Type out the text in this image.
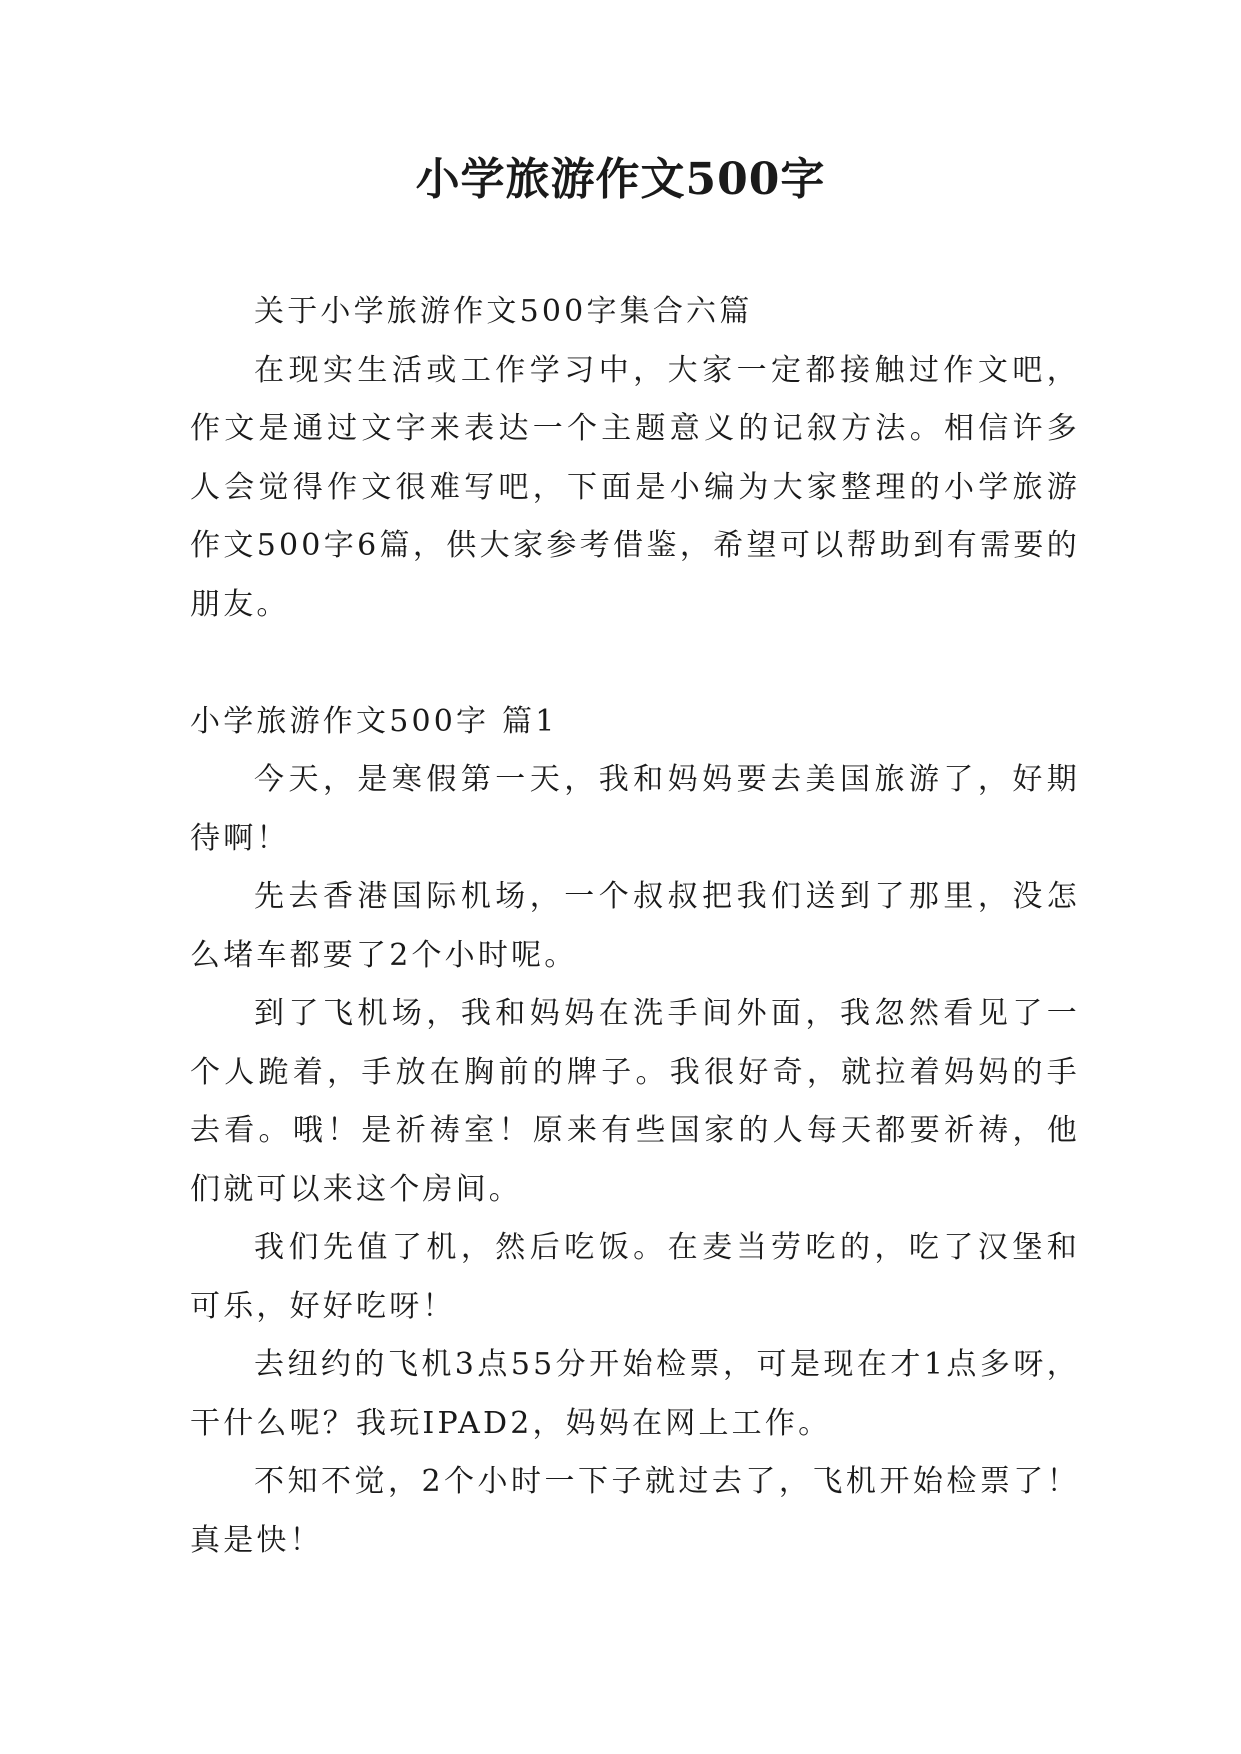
小学旅游作文500字

关于小学旅游作文500字集合六篇

在现实生活或工作学习中，大家一定都接触过作文吧，作文是通过文字来表达一个主题意义的记叙方法。相信许多人会觉得作文很难写吧，下面是小编为大家整理的小学旅游作文500字6篇，供大家参考借鉴，希望可以帮助到有需要的朋友。

小学旅游作文500字 篇1

今天，是寒假第一天，我和妈妈要去美国旅游了，好期待啊！

先去香港国际机场，一个叔叔把我们送到了那里，没怎么堵车都要了2个小时呢。

到了飞机场，我和妈妈在洗手间外面，我忽然看见了一个人跪着，手放在胸前的牌子。我很好奇，就拉着妈妈的手去看。哦！是祈祷室！原来有些国家的人每天都要祈祷，他们就可以来这个房间。

我们先值了机，然后吃饭。在麦当劳吃的，吃了汉堡和可乐，好好吃呀！

去纽约的飞机3点55分开始检票，可是现在才1点多呀，干什么呢？我玩IPAD2，妈妈在网上工作。

不知不觉，2个小时一下子就过去了，飞机开始检票了！真是快！
